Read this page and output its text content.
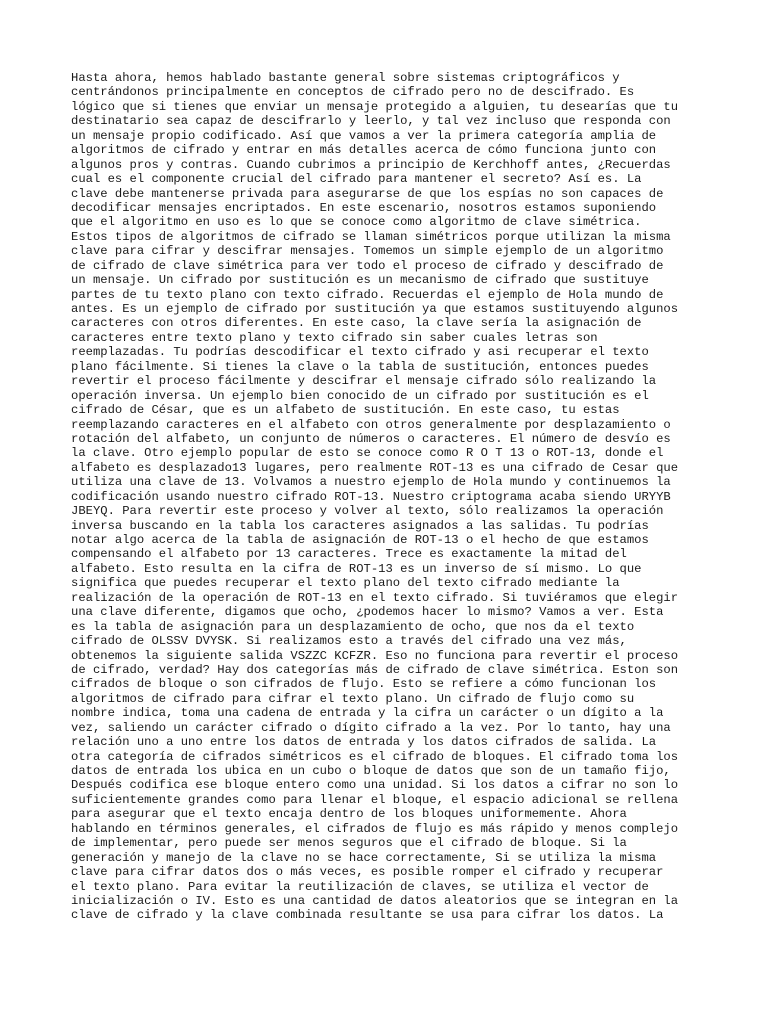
Hasta ahora, hemos hablado bastante general sobre sistemas criptográficos y
centrándonos principalmente en conceptos de cifrado pero no de descifrado. Es
lógico que si tienes que enviar un mensaje protegido a alguien, tu desearías que tu
destinatario sea capaz de descifrarlo y leerlo, y tal vez incluso que responda con
un mensaje propio codificado. Así que vamos a ver la primera categoría amplia de
algoritmos de cifrado y entrar en más detalles acerca de cómo funciona junto con
algunos pros y contras. Cuando cubrimos a principio de Kerchhoff antes, ¿Recuerdas
cual es el componente crucial del cifrado para mantener el secreto? Así es. La
clave debe mantenerse privada para asegurarse de que los espías no son capaces de
decodificar mensajes encriptados. En este escenario, nosotros estamos suponiendo
que el algoritmo en uso es lo que se conoce como algoritmo de clave simétrica.
Estos tipos de algoritmos de cifrado se llaman simétricos porque utilizan la misma
clave para cifrar y descifrar mensajes. Tomemos un simple ejemplo de un algoritmo
de cifrado de clave simétrica para ver todo el proceso de cifrado y descifrado de
un mensaje. Un cifrado por sustitución es un mecanismo de cifrado que sustituye
partes de tu texto plano con texto cifrado. Recuerdas el ejemplo de Hola mundo de
antes. Es un ejemplo de cifrado por sustitución ya que estamos sustituyendo algunos
caracteres con otros diferentes. En este caso, la clave sería la asignación de
caracteres entre texto plano y texto cifrado sin saber cuales letras son
reemplazadas. Tu podrías descodificar el texto cifrado y asi recuperar el texto
plano fácilmente. Si tienes la clave o la tabla de sustitución, entonces puedes
revertir el proceso fácilmente y descifrar el mensaje cifrado sólo realizando la
operación inversa. Un ejemplo bien conocido de un cifrado por sustitución es el
cifrado de César, que es un alfabeto de sustitución. En este caso, tu estas
reemplazando caracteres en el alfabeto con otros generalmente por desplazamiento o
rotación del alfabeto, un conjunto de números o caracteres. El número de desvío es
la clave. Otro ejemplo popular de esto se conoce como R O T 13 o ROT-13, donde el
alfabeto es desplazado13 lugares, pero realmente ROT-13 es una cifrado de Cesar que
utiliza una clave de 13. Volvamos a nuestro ejemplo de Hola mundo y continuemos la
codificación usando nuestro cifrado ROT-13. Nuestro criptograma acaba siendo URYYB
JBEYQ. Para revertir este proceso y volver al texto, sólo realizamos la operación
inversa buscando en la tabla los caracteres asignados a las salidas. Tu podrías
notar algo acerca de la tabla de asignación de ROT-13 o el hecho de que estamos
compensando el alfabeto por 13 caracteres. Trece es exactamente la mitad del
alfabeto. Esto resulta en la cifra de ROT-13 es un inverso de sí mismo. Lo que
significa que puedes recuperar el texto plano del texto cifrado mediante la
realización de la operación de ROT-13 en el texto cifrado. Si tuviéramos que elegir
una clave diferente, digamos que ocho, ¿podemos hacer lo mismo? Vamos a ver. Esta
es la tabla de asignación para un desplazamiento de ocho, que nos da el texto
cifrado de OLSSV DVYSK. Si realizamos esto a través del cifrado una vez más,
obtenemos la siguiente salida VSZZC KCFZR. Eso no funciona para revertir el proceso
de cifrado, verdad? Hay dos categorías más de cifrado de clave simétrica. Eston son
cifrados de bloque o son cifrados de flujo. Esto se refiere a cómo funcionan los
algoritmos de cifrado para cifrar el texto plano. Un cifrado de flujo como su
nombre indica, toma una cadena de entrada y la cifra un carácter o un dígito a la
vez, saliendo un carácter cifrado o dígito cifrado a la vez. Por lo tanto, hay una
relación uno a uno entre los datos de entrada y los datos cifrados de salida. La
otra categoría de cifrados simétricos es el cifrado de bloques. El cifrado toma los
datos de entrada los ubica en un cubo o bloque de datos que son de un tamaño fijo,
Después codifica ese bloque entero como una unidad. Si los datos a cifrar no son lo
suficientemente grandes como para llenar el bloque, el espacio adicional se rellena
para asegurar que el texto encaja dentro de los bloques uniformemente. Ahora
hablando en términos generales, el cifrados de flujo es más rápido y menos complejo
de implementar, pero puede ser menos seguros que el cifrado de bloque. Si la
generación y manejo de la clave no se hace correctamente, Si se utiliza la misma
clave para cifrar datos dos o más veces, es posible romper el cifrado y recuperar
el texto plano. Para evitar la reutilización de claves, se utiliza el vector de
inicialización o IV. Esto es una cantidad de datos aleatorios que se integran en la
clave de cifrado y la clave combinada resultante se usa para cifrar los datos. La
